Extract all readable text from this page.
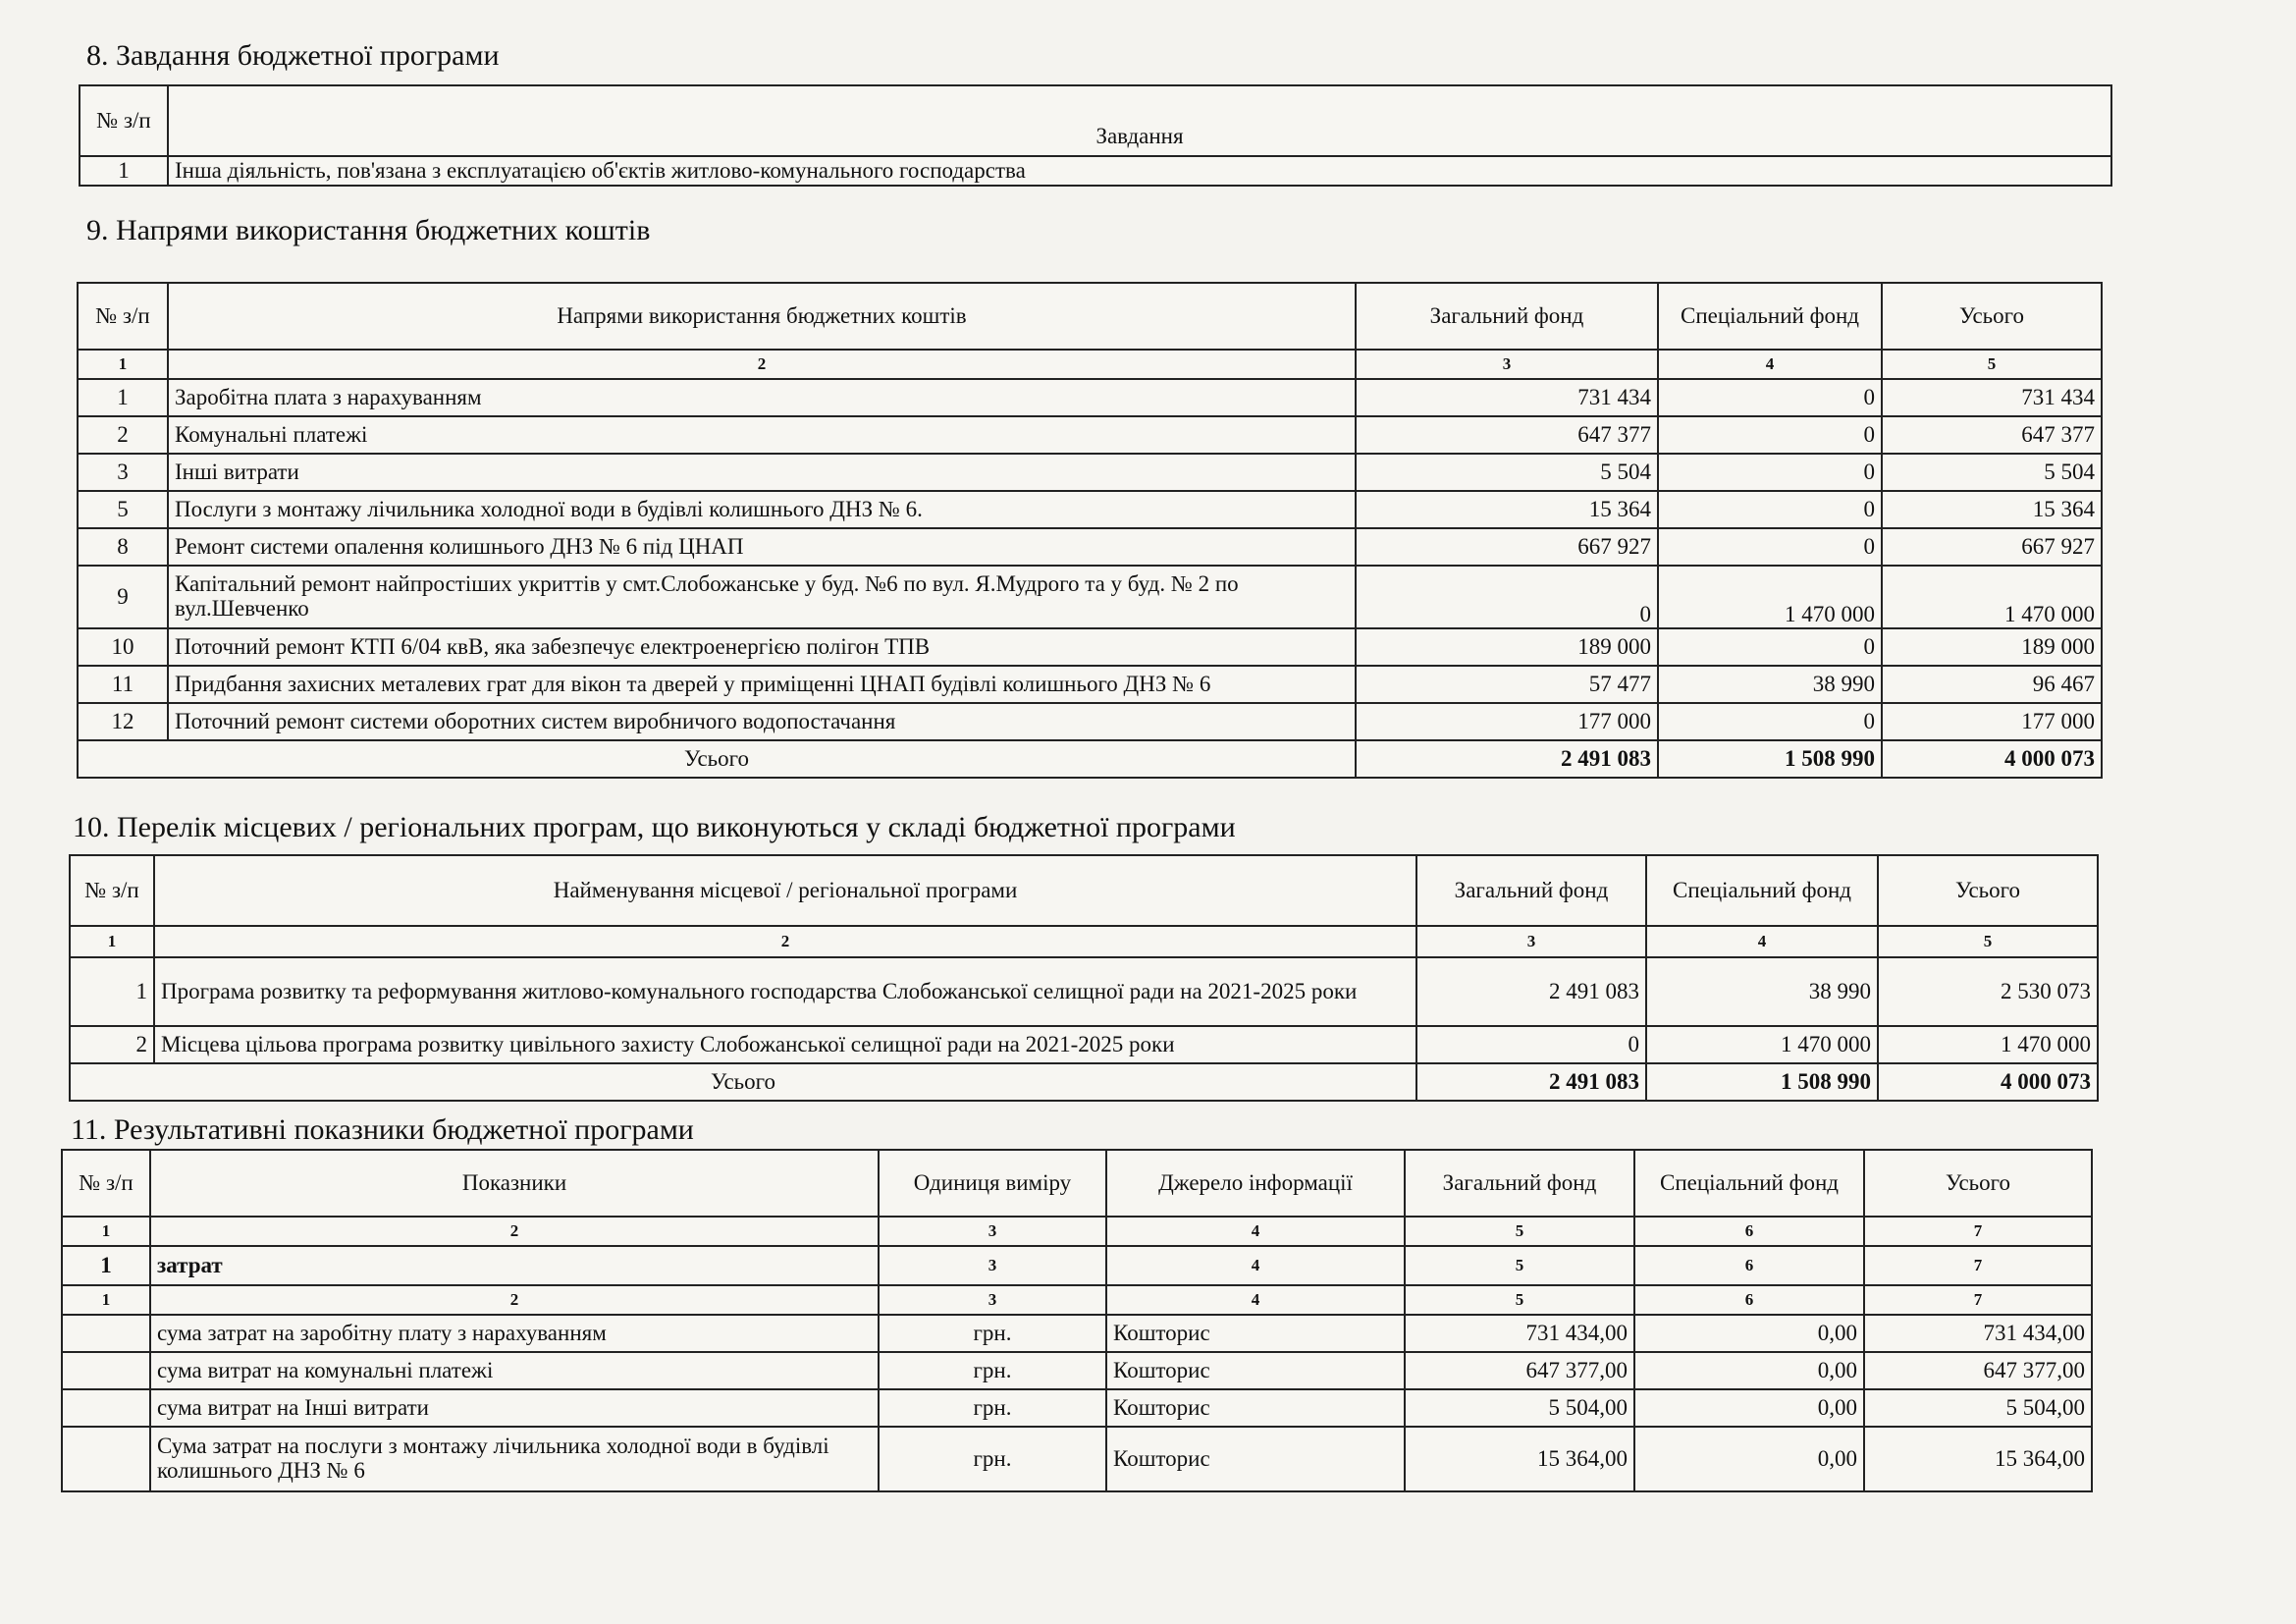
8. Завдання бюджетної програми
№ з/п	Завдання
1	Інша діяльність, пов'язана з експлуатацією об'єктів житлово-комунального господарства
9. Напрями використання бюджетних коштів
№ з/п	Напрями використання бюджетних коштів	Загальний фонд	Спеціальний фонд	Усього
1	2	3	4	5
1	Заробітна плата з нарахуванням	731 434	0	731 434
2	Комунальні платежі	647 377	0	647 377
3	Інші витрати	5 504	0	5 504
5	Послуги з монтажу лічильника холодної води в будівлі колишнього ДНЗ № 6.	15 364	0	15 364
8	Ремонт системи опалення колишнього ДНЗ № 6 під ЦНАП	667 927	0	667 927
9	Капітальний ремонт найпростіших укриттів у смт.Слобожанське у буд. №6 по вул. Я.Мудрого та у буд. № 2 по вул.Шевченко	0	1 470 000	1 470 000
10	Поточний ремонт КТП 6/04 квВ, яка забезпечує електроенергією полігон ТПВ	189 000	0	189 000
11	Придбання захисних металевих грат для вікон та дверей у приміщенні ЦНАП будівлі колишнього ДНЗ № 6	57 477	38 990	96 467
12	Поточний ремонт системи оборотних систем виробничого водопостачання	177 000	0	177 000
Усього		2 491 083	1 508 990	4 000 073
10. Перелік місцевих / регіональних програм, що виконуються у складі бюджетної програми
№ з/п	Найменування місцевої / регіональної програми	Загальний фонд	Спеціальний фонд	Усього
1	2	3	4	5
1	Програма розвитку та реформування житлово-комунального господарства Слобожанської селищної ради на 2021-2025 роки	2 491 083	38 990	2 530 073
2	Місцева цільова програма розвитку цивільного захисту Слобожанської селищної ради на 2021-2025 роки	0	1 470 000	1 470 000
Усього		2 491 083	1 508 990	4 000 073
11. Результативні показники бюджетної програми
№ з/п	Показники	Одиниця виміру	Джерело інформації	Загальний фонд	Спеціальний фонд	Усього
1	2	3	4	5	6	7
1	затрат	3	4	5	6	7
1	2	3	4	5	6	7
	сума затрат на заробітну плату з нарахуванням	грн.	Кошторис	731 434,00	0,00	731 434,00
	сума витрат на комунальні платежі	грн.	Кошторис	647 377,00	0,00	647 377,00
	сума витрат на Інші витрати	грн.	Кошторис	5 504,00	0,00	5 504,00
	Сума затрат на послуги з монтажу лічильника холодної води в будівлі колишнього ДНЗ № 6	грн.	Кошторис	15 364,00	0,00	15 364,00
